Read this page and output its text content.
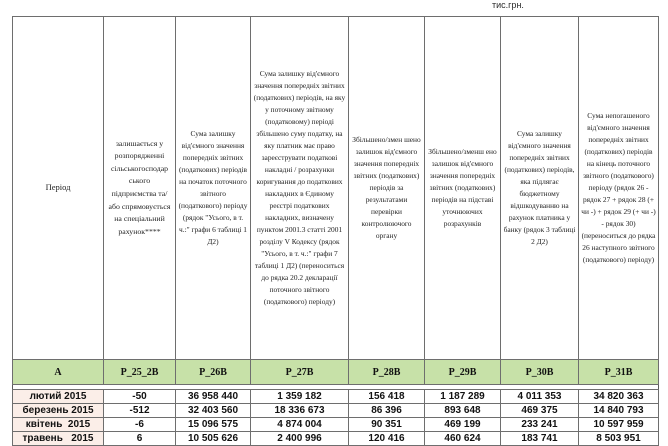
тис.грн.
Період	залишається у розпорядженні сільськогосподар ського підприємства та/або спрямовується на спеціальний рахунок****	Сума залишку від'ємного значення попередніх звітних (податкових) періодів на початок поточного звітного (податкового) періоду (рядок "Усього, в т. ч.:" графи 6 таблиці 1 Д2)	Сума залишку від'ємного значення попередніх звітних (податкових) періодів, на яку у поточному звітному (податковому) періоді збільшено суму податку, на яку платник має право зареєструвати податкові накладні / розрахунки коригування до податкових накладних в Єдиному реєстрі податкових накладних, визначену пунктом 2001.3 статті 2001 розділу V Кодексу (рядок "Усього, в т. ч.:" графи 7 таблиці 1 Д2) (переноситься до рядка 20.2 декларації поточного звітного (податкового) періоду)	Збільшено/змен шено залишок від'ємного значення попередніх звітних (податкових) періодів за результатами перевірки контролюючого органу	Збільшено/зменш ено залишок від'ємного значення попередніх звітних (податкових) періодів на підставі уточнюючих розрахунків	Сума залишку від'ємного значення попередніх звітних (податкових) періодів, яка підлягає бюджетному відшкодуванню на рахунок платника у банку (рядок 3 таблиці 2 Д2)	Сума непогашеного від'ємного значення попередніх звітних (податкових) періодів на кінець поточного звітного (податкового) періоду (рядок 26 - рядок 27 + рядок 28 (+ чи -) + рядок 29 (+ чи -) - рядок 30) (переноситься до рядка 26 наступного звітного (податкового) періоду)
А	Р_25_2В	Р_26В	Р_27В	Р_28В	Р_29В	Р_30В	Р_31В

лютий 2015	-50	36 958 440	1 359 182	156 418	1 187 289	4 011 353	34 820 363
березень 2015	-512	32 403 560	18 336 673	86 396	893 648	469 375	14 840 793
квітень  2015	-6	15 096 575	4 874 004	90 351	469 199	233 241	10 597 959
травень   2015	6	10 505 626	2 400 996	120 416	460 624	183 741	8 503 951
